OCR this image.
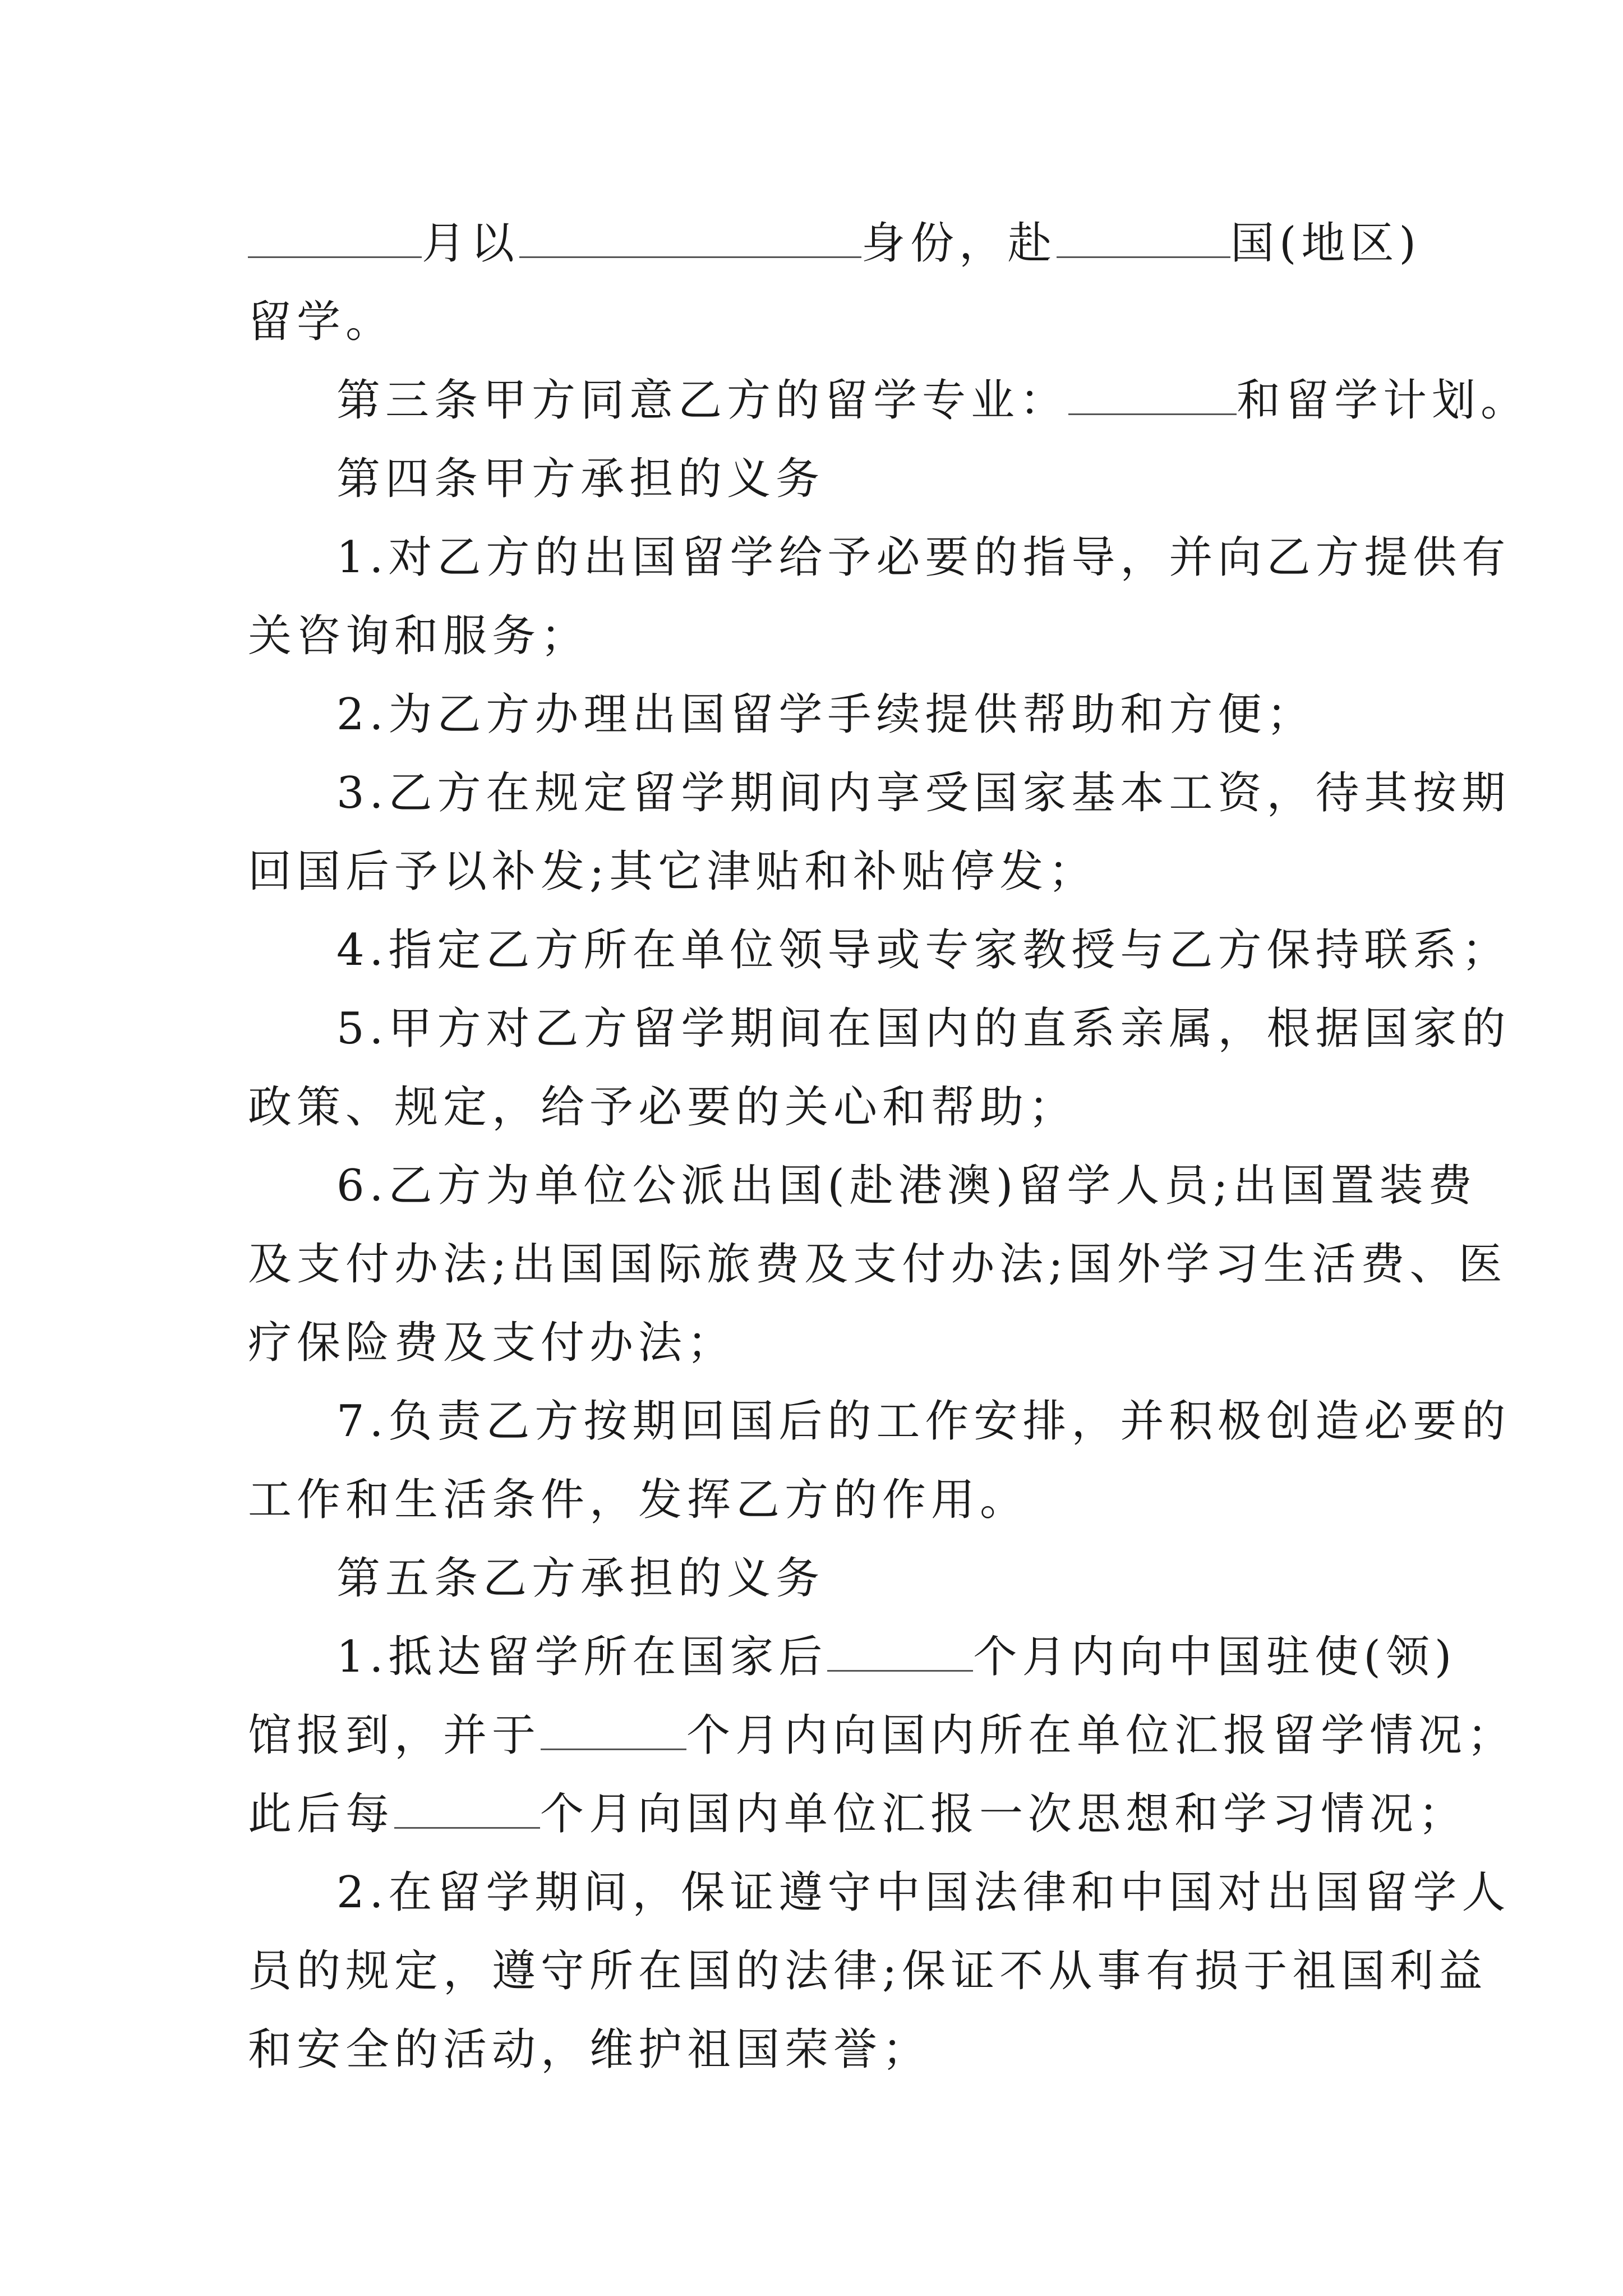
月以	身份，赴	国(地区)
留学。
第三条甲方同意乙方的留学专业：	和留学计划。
第四条甲方承担的义务
1.对乙方的出国留学给予必要的指导，并向乙方提供有
关咨询和服务；
2.为乙方办理出国留学手续提供帮助和方便；
3.乙方在规定留学期间内享受国家基本工资，待其按期
回国后予以补发;其它津贴和补贴停发；
4.指定乙方所在单位领导或专家教授与乙方保持联系；
5.甲方对乙方留学期间在国内的直系亲属，根据国家的
政策、规定，给予必要的关心和帮助；
6.乙方为单位公派出国(赴港澳)留学人员;出国置装费
及支付办法;出国国际旅费及支付办法;国外学习生活费、医
疗保险费及支付办法；
7.负责乙方按期回国后的工作安排，并积极创造必要的
工作和生活条件，发挥乙方的作用。
第五条乙方承担的义务
1.抵达留学所在国家后	个月内向中国驻使(领)
馆报到，并于	个月内向国内所在单位汇报留学情况；
此后每	个月向国内单位汇报一次思想和学习情况；
2.在留学期间，保证遵守中国法律和中国对出国留学人
员的规定，遵守所在国的法律;保证不从事有损于祖国利益
和安全的活动，维护祖国荣誉；
